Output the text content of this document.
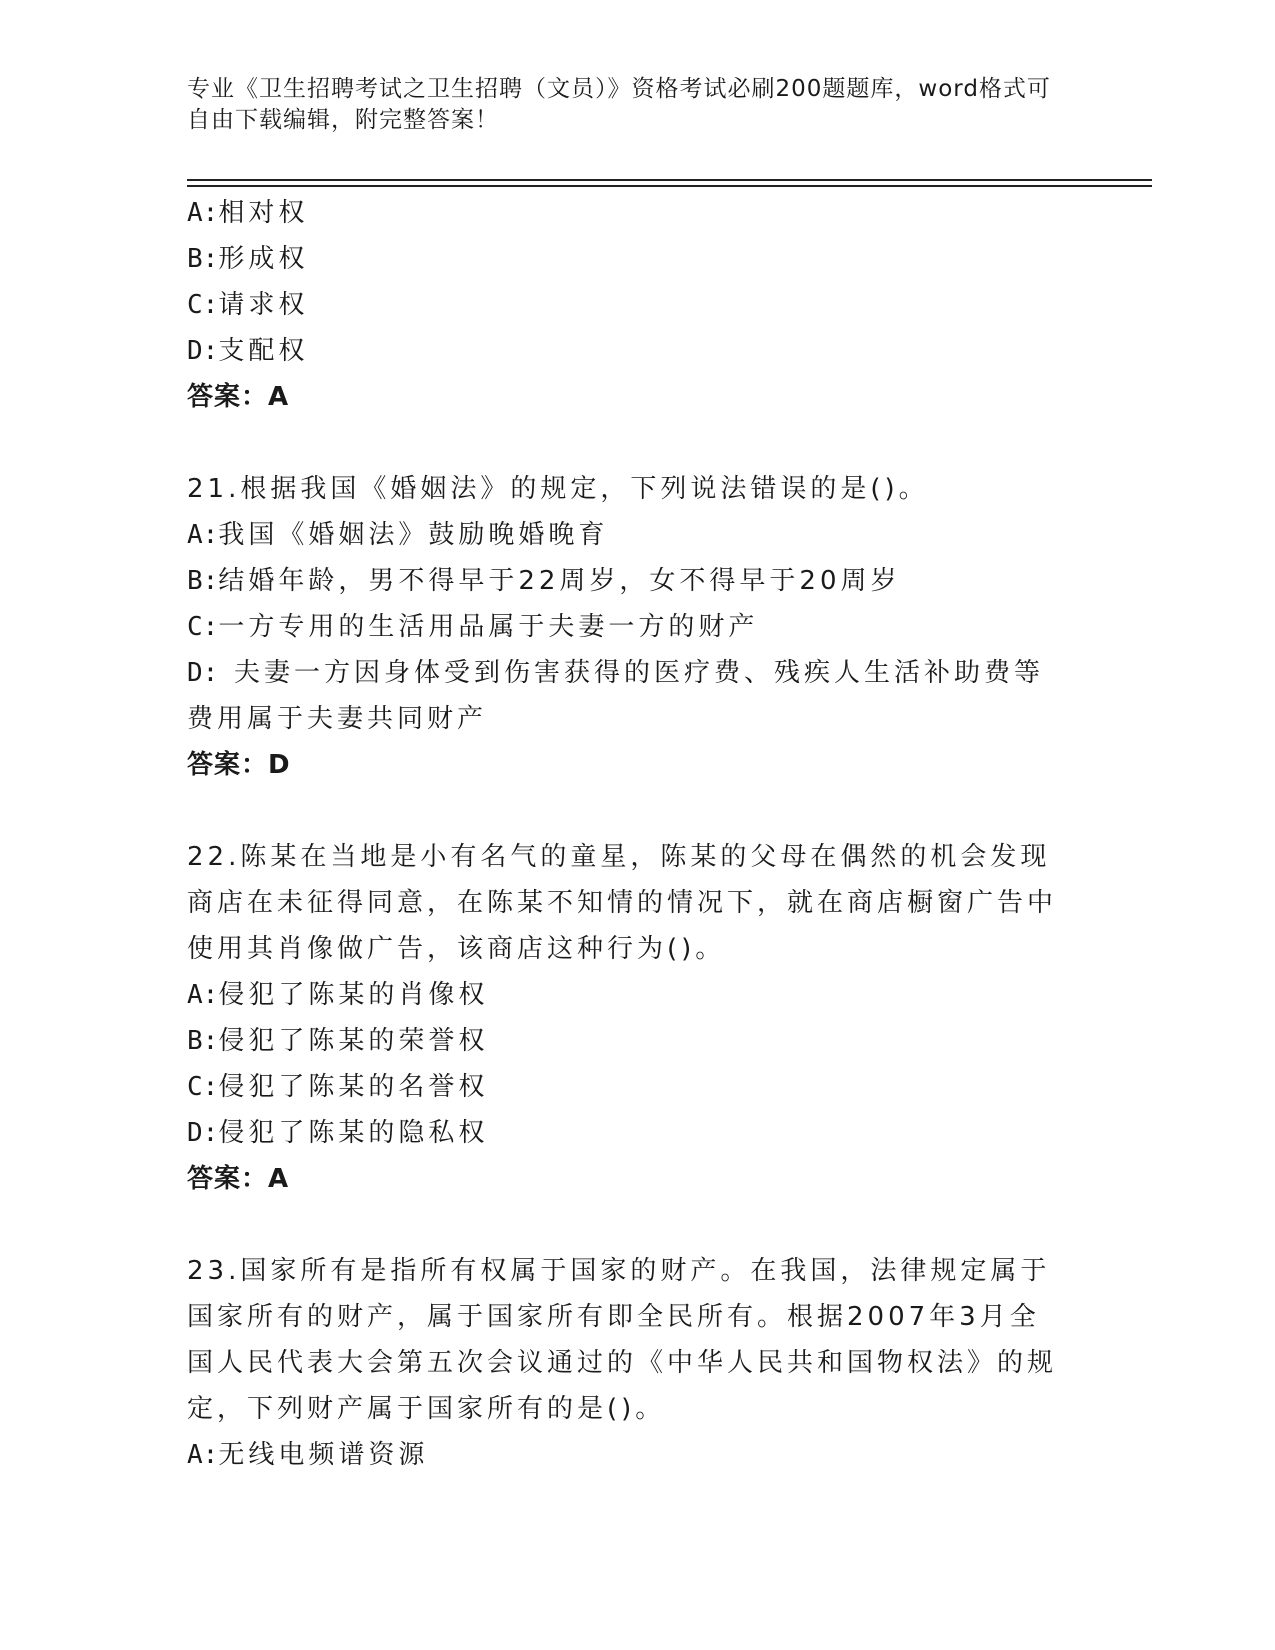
专业《卫生招聘考试之卫生招聘（文员）》资格考试必刷200题题库，word格式可自由下载编辑，附完整答案！
A: 相对权
B: 形成权
C: 请求权
D: 支配权
答案：A
21.根据我国《婚姻法》的规定，下列说法错误的是()。
A: 我国《婚姻法》鼓励晚婚晚育
B: 结婚年龄，男不得早于22周岁，女不得早于20周岁
C: 一方专用的生活用品属于夫妻一方的财产
D: 夫妻一方因身体受到伤害获得的医疗费、残疾人生活补助费等费用属于夫妻共同财产
答案：D
22.陈某在当地是小有名气的童星，陈某的父母在偶然的机会发现商店在未征得同意，在陈某不知情的情况下，就在商店橱窗广告中使用其肖像做广告，该商店这种行为()。
A: 侵犯了陈某的肖像权
B: 侵犯了陈某的荣誉权
C: 侵犯了陈某的名誉权
D: 侵犯了陈某的隐私权
答案：A
23.国家所有是指所有权属于国家的财产。在我国，法律规定属于国家所有的财产，属于国家所有即全民所有。根据2007年3月全国人民代表大会第五次会议通过的《中华人民共和国物权法》的规定，下列财产属于国家所有的是()。
A: 无线电频谱资源
